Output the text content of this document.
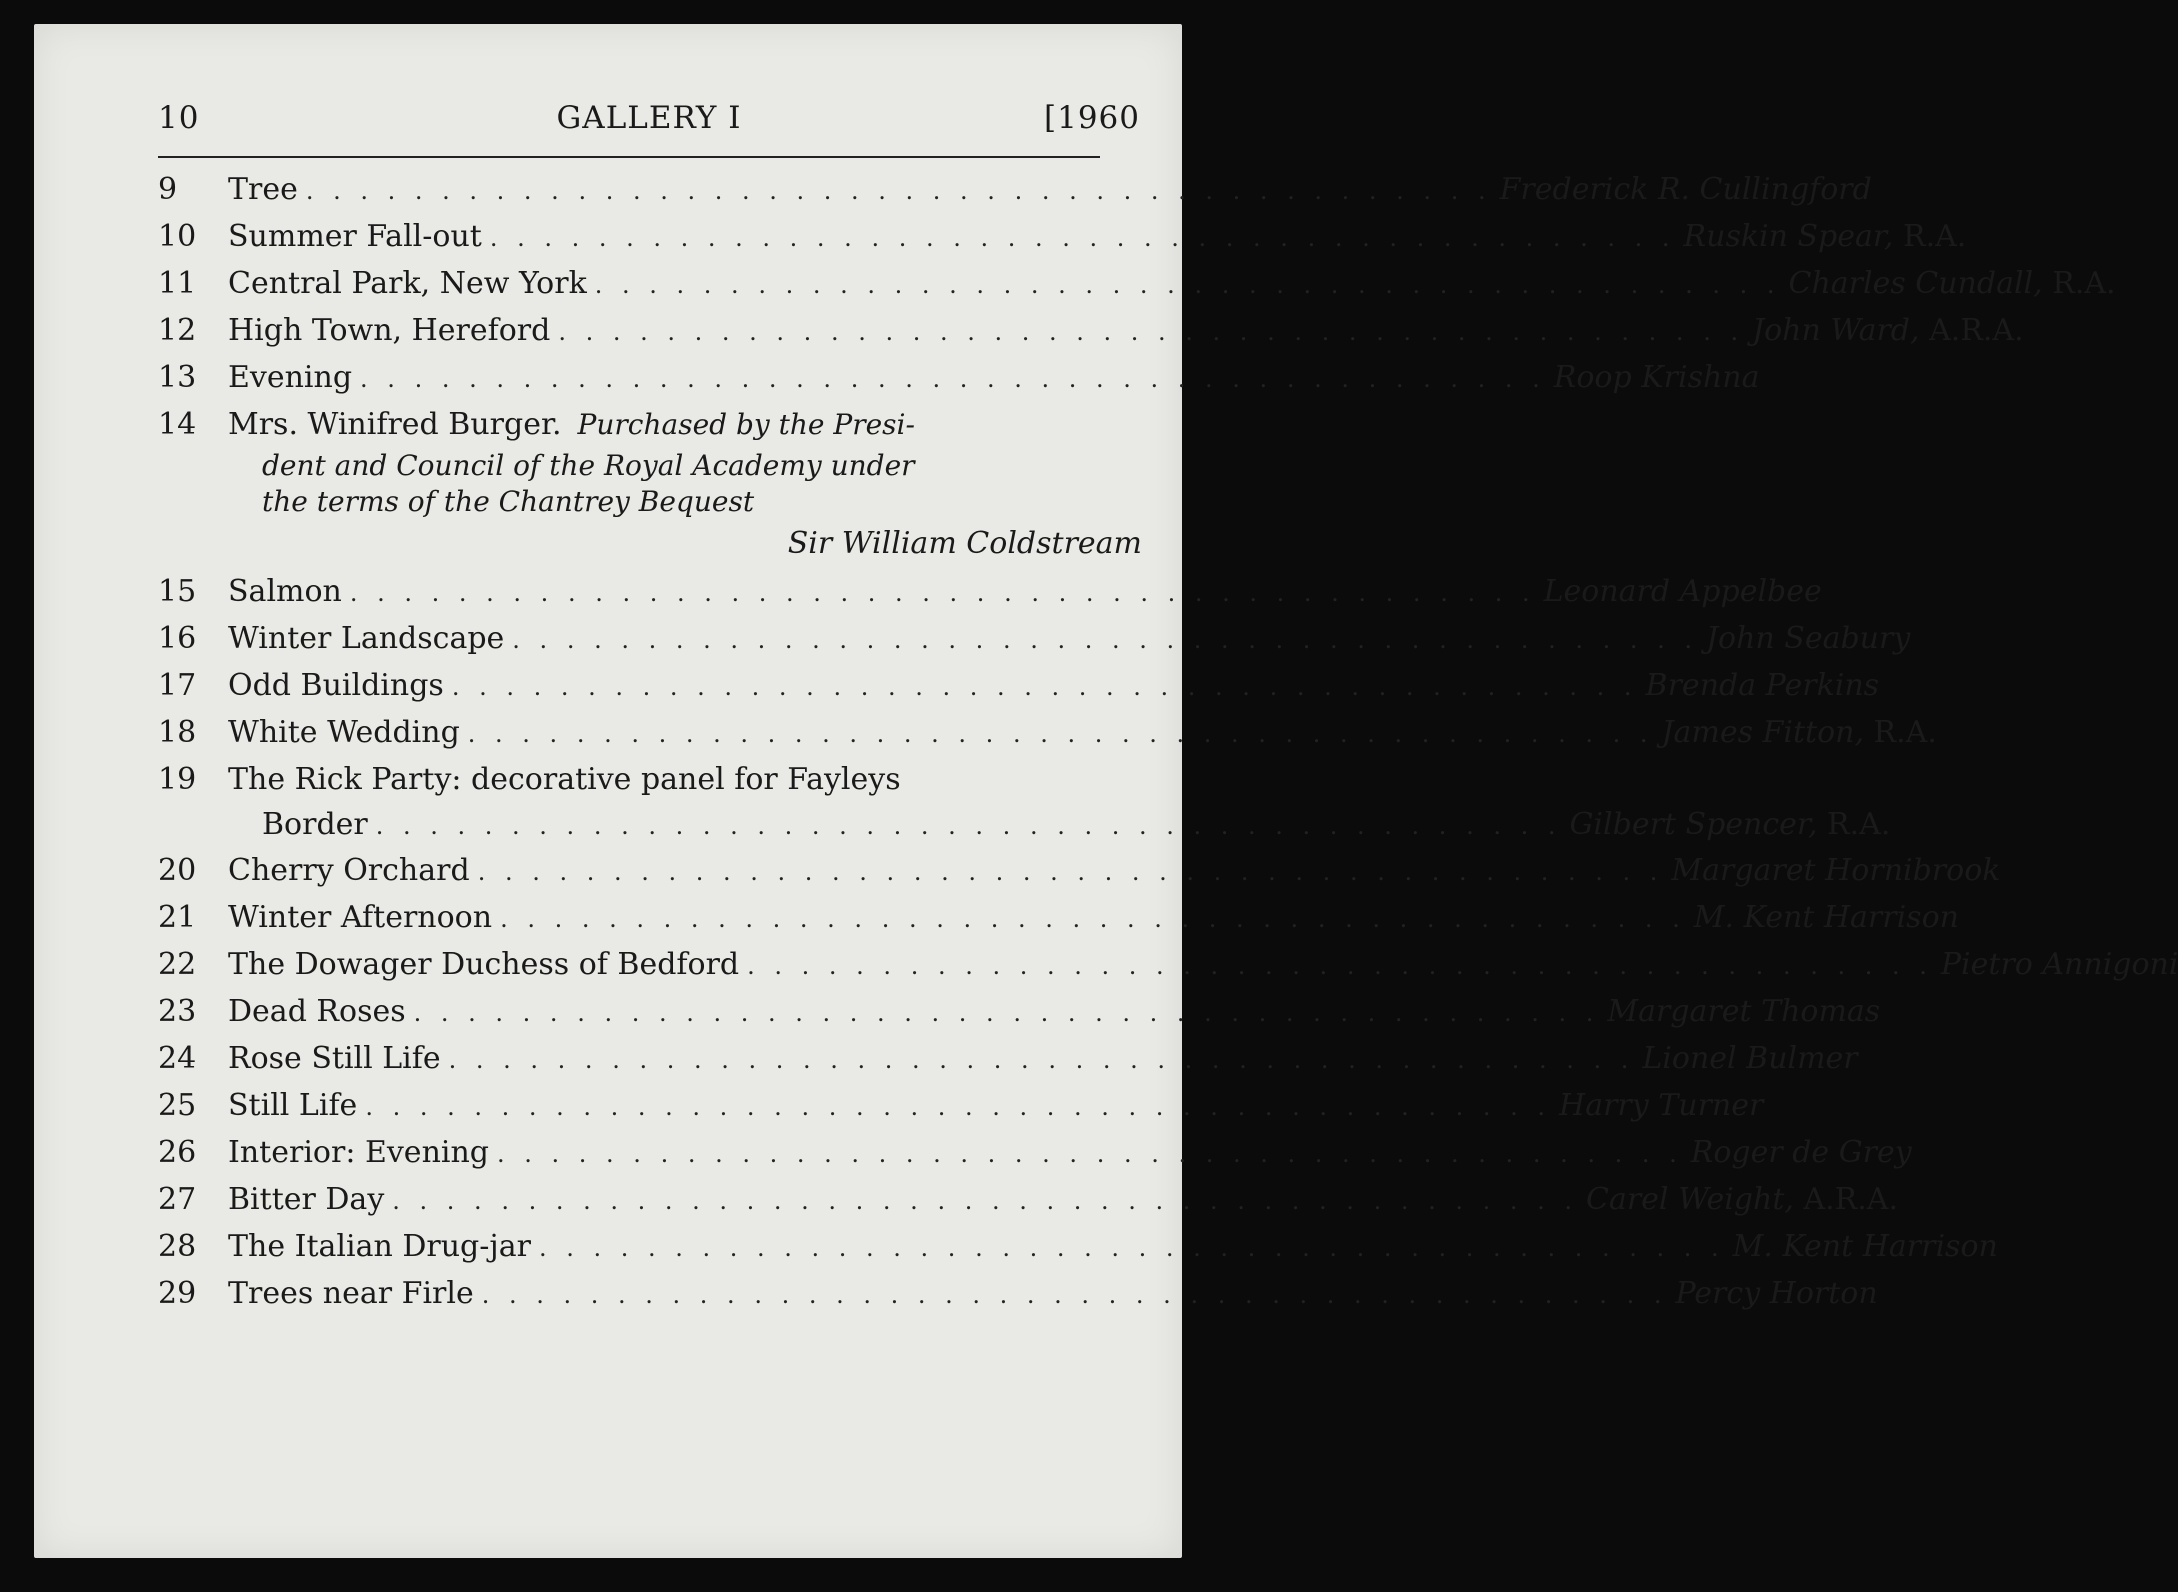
10	GALLERY I	[1960
9	Tree . . . . . . . . . . . . . . . . . . . . . . . . . . . . . . . . . . . . . . . . . . . . Frederick R. Cullingford
10	Summer Fall-out . . . . . . . . . . . . . . . . . . . . . . . . . . . . . . . . . . . . . . . . . . . . Ruskin Spear, R.A.
11	Central Park, New York . . . . . . . . . . . . . . . . . . . . . . . . . . . . . . . . . . . . . . . . . . . . Charles Cundall, R.A.
12	High Town, Hereford . . . . . . . . . . . . . . . . . . . . . . . . . . . . . . . . . . . . . . . . . . . . John Ward, A.R.A.
13	Evening . . . . . . . . . . . . . . . . . . . . . . . . . . . . . . . . . . . . . . . . . . . . Roop Krishna
14	Mrs. Winifred Burger. Purchased by the Presi-
dent and Council of the Royal Academy under
the terms of the Chantrey Bequest
Sir William Coldstream
15	Salmon . . . . . . . . . . . . . . . . . . . . . . . . . . . . . . . . . . . . . . . . . . . . Leonard Appelbee
16	Winter Landscape . . . . . . . . . . . . . . . . . . . . . . . . . . . . . . . . . . . . . . . . . . . . John Seabury
17	Odd Buildings . . . . . . . . . . . . . . . . . . . . . . . . . . . . . . . . . . . . . . . . . . . . Brenda Perkins
18	White Wedding . . . . . . . . . . . . . . . . . . . . . . . . . . . . . . . . . . . . . . . . . . . . James Fitton, R.A.
19	The Rick Party: decorative panel for Fayleys
Border . . . . . . . . . . . . . . . . . . . . . . . . . . . . . . . . . . . . . . . . . . . . Gilbert Spencer, R.A.
20	Cherry Orchard . . . . . . . . . . . . . . . . . . . . . . . . . . . . . . . . . . . . . . . . . . . . Margaret Hornibrook
21	Winter Afternoon . . . . . . . . . . . . . . . . . . . . . . . . . . . . . . . . . . . . . . . . . . . . M. Kent Harrison
22	The Dowager Duchess of Bedford . . . . . . . . . . . . . . . . . . . . . . . . . . . . . . . . . . . . . . . . . . . . Pietro Annigoni
23	Dead Roses . . . . . . . . . . . . . . . . . . . . . . . . . . . . . . . . . . . . . . . . . . . . Margaret Thomas
24	Rose Still Life . . . . . . . . . . . . . . . . . . . . . . . . . . . . . . . . . . . . . . . . . . . . Lionel Bulmer
25	Still Life . . . . . . . . . . . . . . . . . . . . . . . . . . . . . . . . . . . . . . . . . . . . Harry Turner
26	Interior: Evening . . . . . . . . . . . . . . . . . . . . . . . . . . . . . . . . . . . . . . . . . . . . Roger de Grey
27	Bitter Day . . . . . . . . . . . . . . . . . . . . . . . . . . . . . . . . . . . . . . . . . . . . Carel Weight, A.R.A.
28	The Italian Drug-jar . . . . . . . . . . . . . . . . . . . . . . . . . . . . . . . . . . . . . . . . . . . . M. Kent Harrison
29	Trees near Firle . . . . . . . . . . . . . . . . . . . . . . . . . . . . . . . . . . . . . . . . . . . . Percy Horton
